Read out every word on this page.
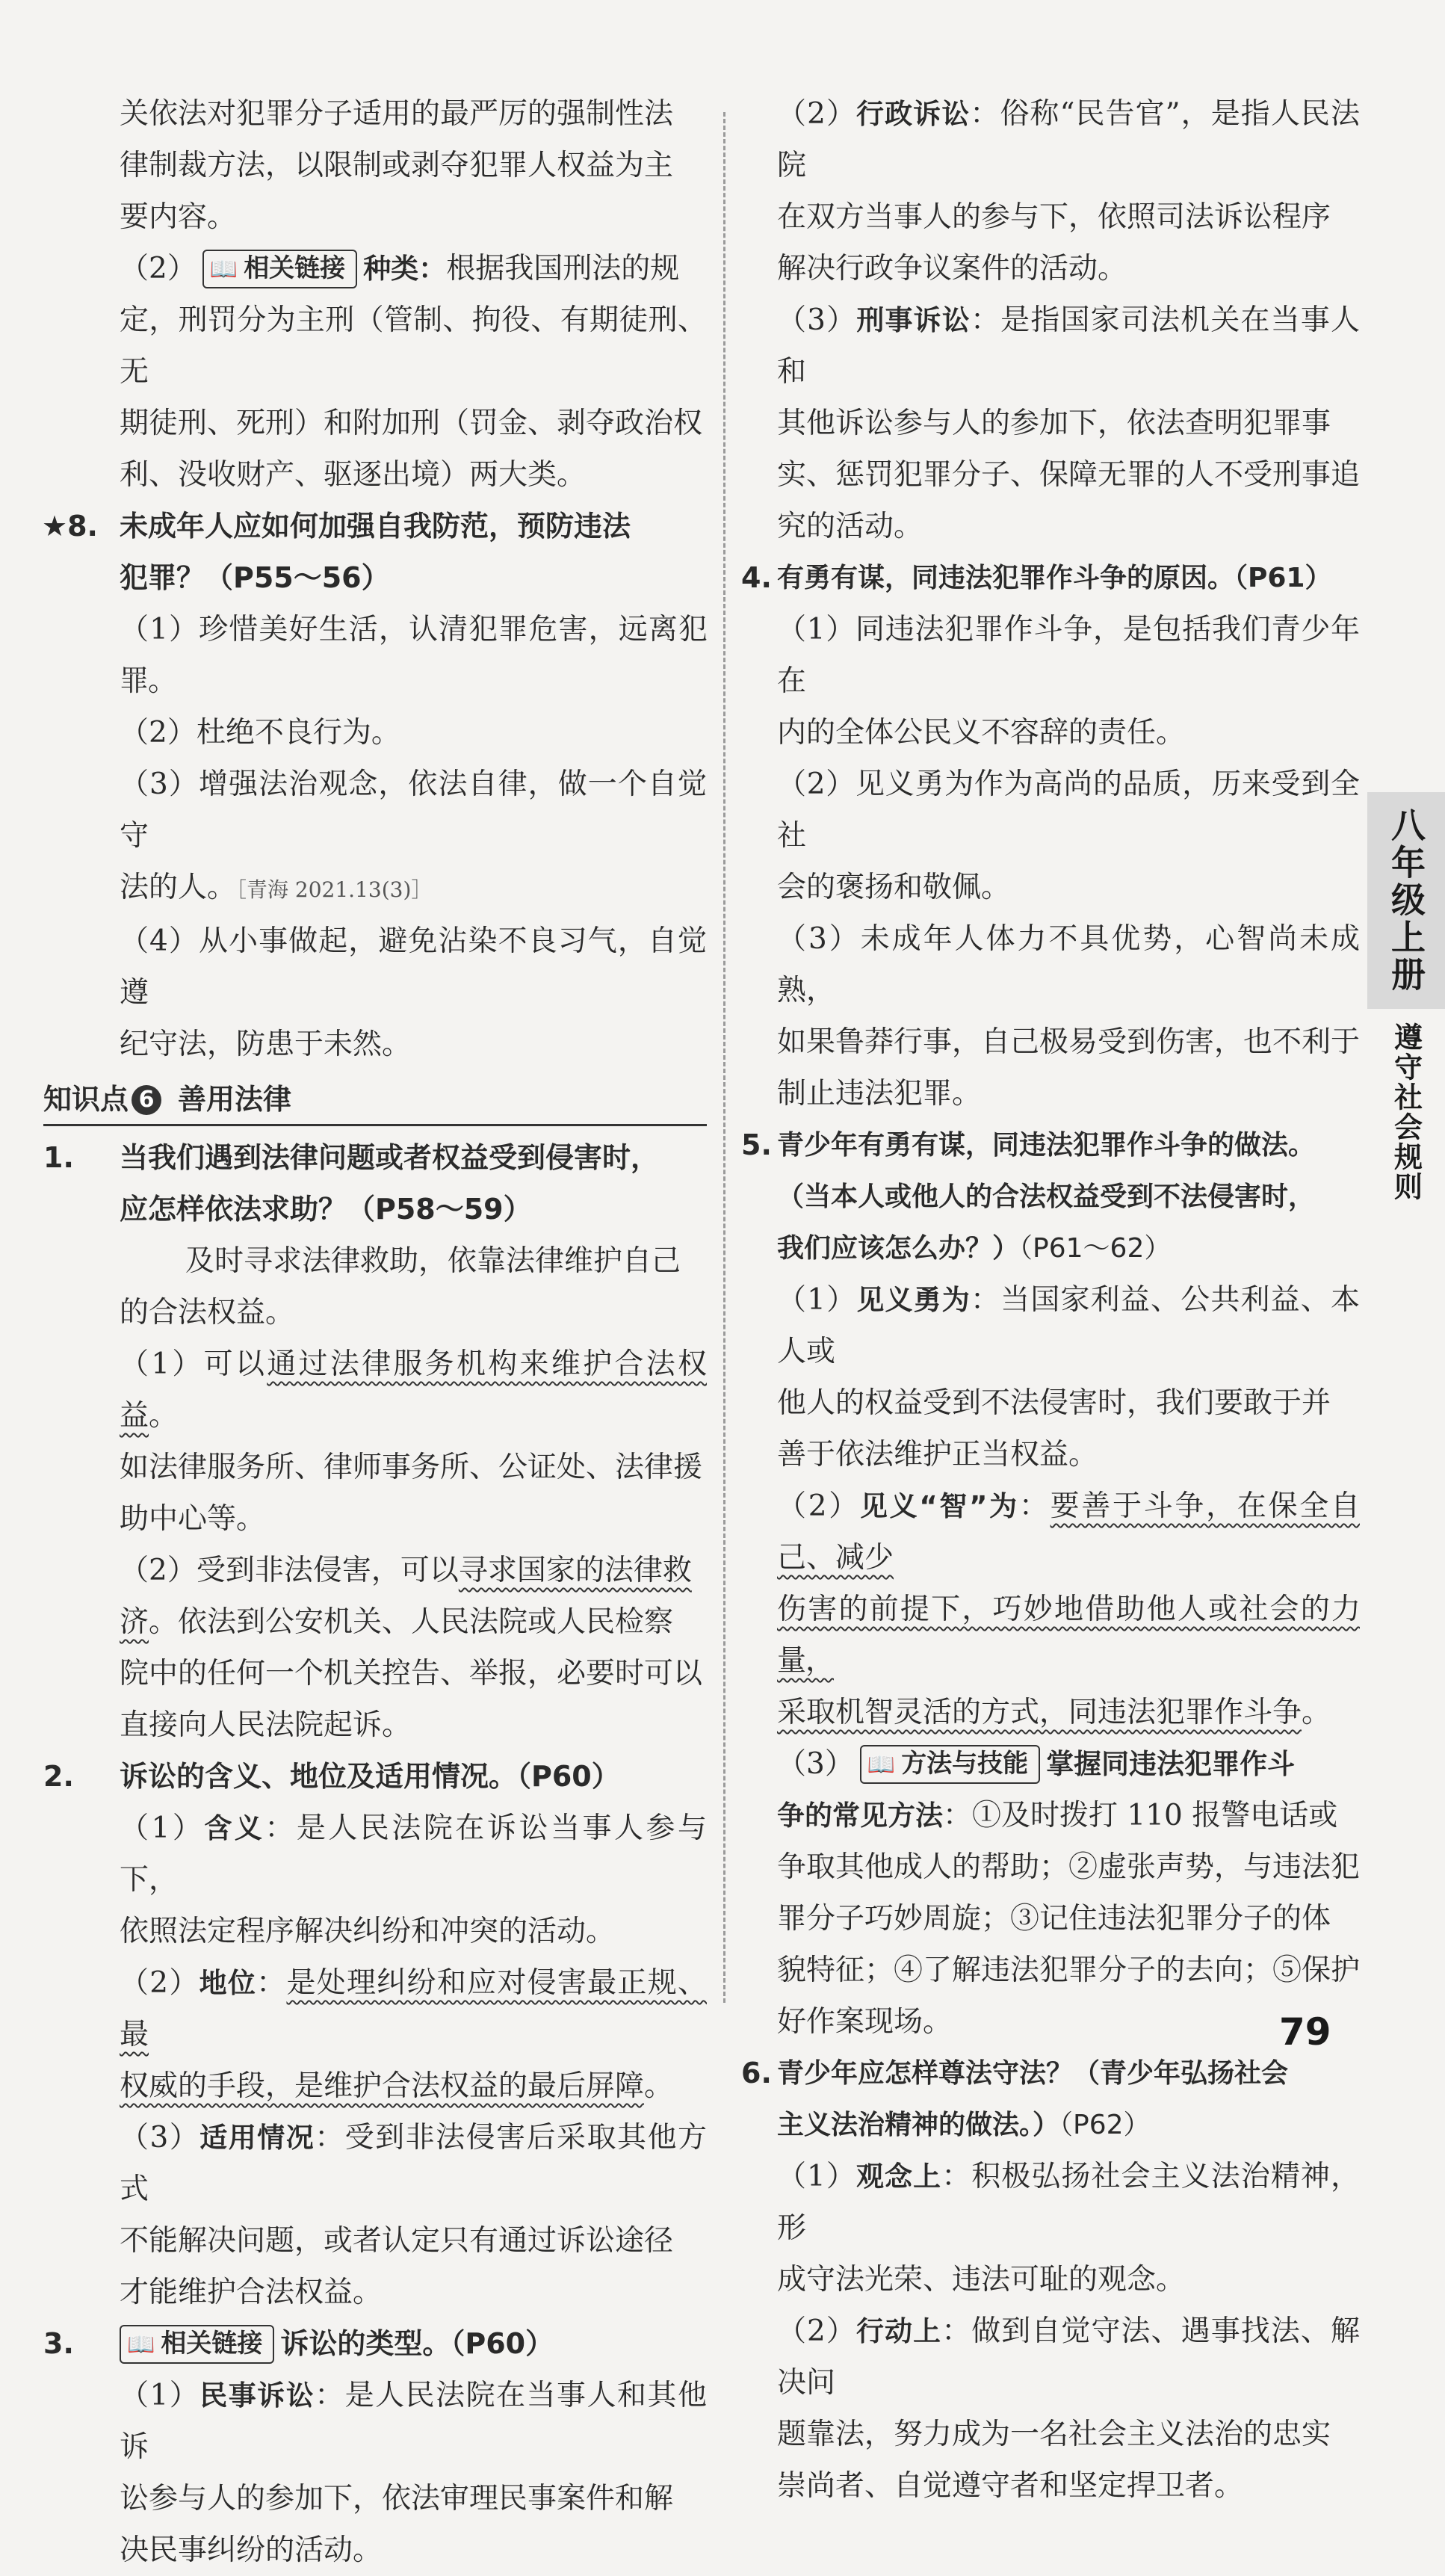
关依法对犯罪分子适用的最严厉的强制性法

律制裁方法，以限制或剥夺犯罪人权益为主

要内容。

（2） 📖 相关链接 种类：根据我国刑法的规

定，刑罚分为主刑（管制、拘役、有期徒刑、无

期徒刑、死刑）和附加刑（罚金、剥夺政治权

利、没收财产、驱逐出境）两大类。

★8. 未成年人应如何加强自我防范，预防违法
犯罪？（P55～56）

（1）珍惜美好生活，认清犯罪危害，远离犯罪。

（2）杜绝不良行为。

（3）增强法治观念，依法自律，做一个自觉守

法的人。［青海 2021.13(3)］

（4）从小事做起，避免沾染不良习气，自觉遵

纪守法，防患于未然。

知识点 6 善用法律
1.	当我们遇到法律问题或者权益受到侵害时，
应怎样依法求助？（P58～59）

及时寻求法律救助，依靠法律维护自己

的合法权益。

（1）可以通过法律服务机构来维护合法权益。

如法律服务所、律师事务所、公证处、法律援

助中心等。

（2）受到非法侵害，可以寻求国家的法律救

济。依法到公安机关、人民法院或人民检察

院中的任何一个机关控告、举报，必要时可以

直接向人民法院起诉。

2.	诉讼的含义、地位及适用情况。（P60）

（1）含义：是人民法院在诉讼当事人参与下，

依照法定程序解决纠纷和冲突的活动。

（2）地位：是处理纠纷和应对侵害最正规、最

权威的手段，是维护合法权益的最后屏障。

（3）适用情况：受到非法侵害后采取其他方式

不能解决问题，或者认定只有通过诉讼途径

才能维护合法权益。

3.	📖 相关链接 诉讼的类型。（P60）

（1）民事诉讼：是人民法院在当事人和其他诉

讼参与人的参加下，依法审理民事案件和解

决民事纠纷的活动。

（2）行政诉讼：俗称“民告官”，是指人民法院

在双方当事人的参与下，依照司法诉讼程序

解决行政争议案件的活动。

（3）刑事诉讼：是指国家司法机关在当事人和

其他诉讼参与人的参加下，依法查明犯罪事

实、惩罚犯罪分子、保障无罪的人不受刑事追

究的活动。

4. 有勇有谋，同违法犯罪作斗争的原因。（P61）

（1）同违法犯罪作斗争，是包括我们青少年在

内的全体公民义不容辞的责任。

（2）见义勇为作为高尚的品质，历来受到全社

会的褒扬和敬佩。

（3）未成年人体力不具优势，心智尚未成熟，

如果鲁莽行事，自己极易受到伤害，也不利于

制止违法犯罪。

5. 青少年有勇有谋，同违法犯罪作斗争的做法。
（当本人或他人的合法权益受到不法侵害时，
我们应该怎么办？）（P61～62）

（1）见义勇为：当国家利益、公共利益、本人或

他人的权益受到不法侵害时，我们要敢于并

善于依法维护正当权益。

（2）见义“智”为：要善于斗争，在保全自己、减少

伤害的前提下，巧妙地借助他人或社会的力量，

采取机智灵活的方式，同违法犯罪作斗争。

（3） 📖 方法与技能 掌握同违法犯罪作斗

争的常见方法：①及时拨打 110 报警电话或

争取其他成人的帮助；②虚张声势，与违法犯

罪分子巧妙周旋；③记住违法犯罪分子的体

貌特征；④了解违法犯罪分子的去向；⑤保护

好作案现场。

6. 青少年应怎样尊法守法？（青少年弘扬社会
主义法治精神的做法。）（P62）

（1）观念上：积极弘扬社会主义法治精神，形

成守法光荣、违法可耻的观念。

（2）行动上：做到自觉守法、遇事找法、解决问

题靠法，努力成为一名社会主义法治的忠实

崇尚者、自觉遵守者和坚定捍卫者。

八年级上册
遵守社会规则
79
